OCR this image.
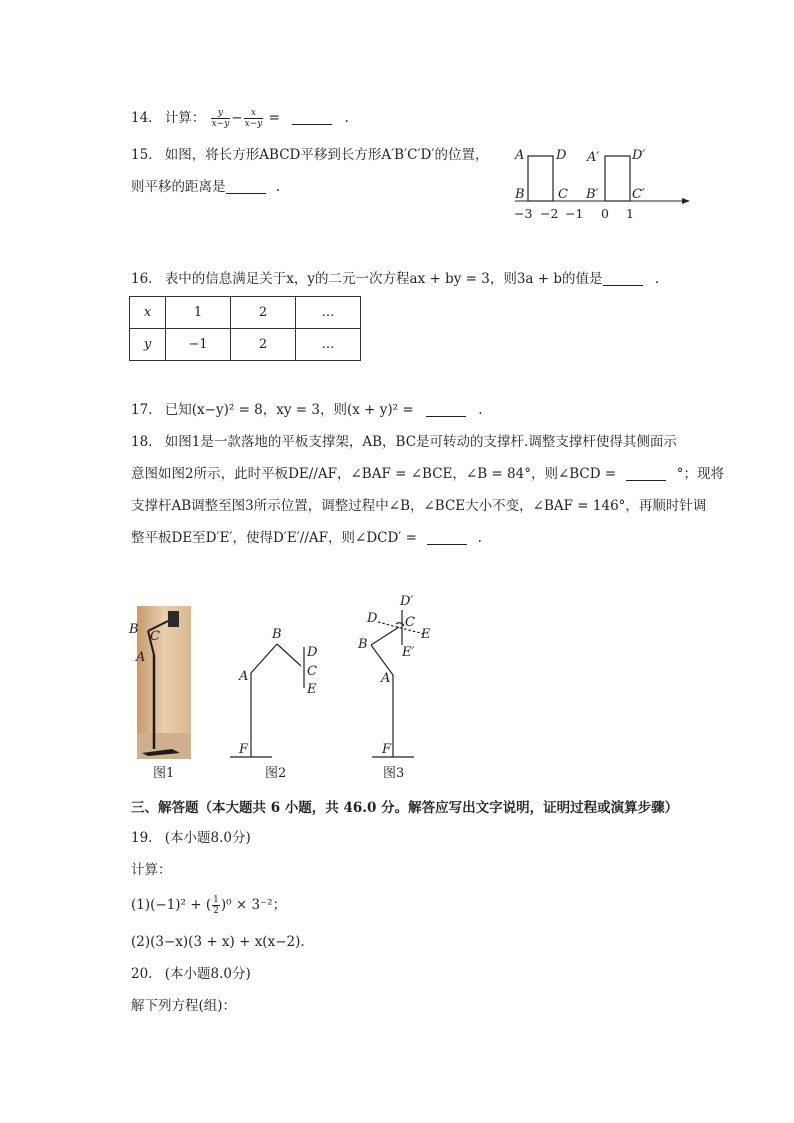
14. 计算： $\frac{y}{x-y} - \frac{x}{x-y}$ =	.
15. 如图，将长方形ABCD平移到长方形A′B′C′D′的位置，
则平移的距离是	.
A D
B	C
A′	D′
B′	C′
−3 −2 −1 0 1
16. 表中的信息满足关于x，y的二元一次方程ax + by = 3，则3a + b的值是	.
x	1	2	…
y	−1	2	…
17. 已知(x−y)² = 8，xy = 3，则(x + y)² =	.
18. 如图1是一款落地的平板支撑架，AB，BC是可转动的支撑杆.调整支撑杆使得其侧面示
意图如图2所示，此时平板DE//AF，∠BAF = ∠BCE，∠B = 84°，则∠BCD =	°；现将
支撑杆AB调整至图3所示位置，调整过程中∠B，∠BCE大小不变，∠BAF = 146°，再顺时针调
整平板DE至D′E′，使得D′E′//AF，则∠DCD′ =	.
B C
A
图1
B
A
D
C
E
F
图2
D′
D C
E
B
E′
A
F
图3
三、解答题（本大题共 6 小题，共 46.0 分。解答应写出文字说明，证明过程或演算步骤）
19. (本小题8.0分)
计算：
(1)(−1)² + ( $\frac{1}{2} )^0 \times 3^{-2}$；
(2)(3−x)(3 + x) + x(x−2).
20. (本小题8.0分)
解下列方程(组)：
